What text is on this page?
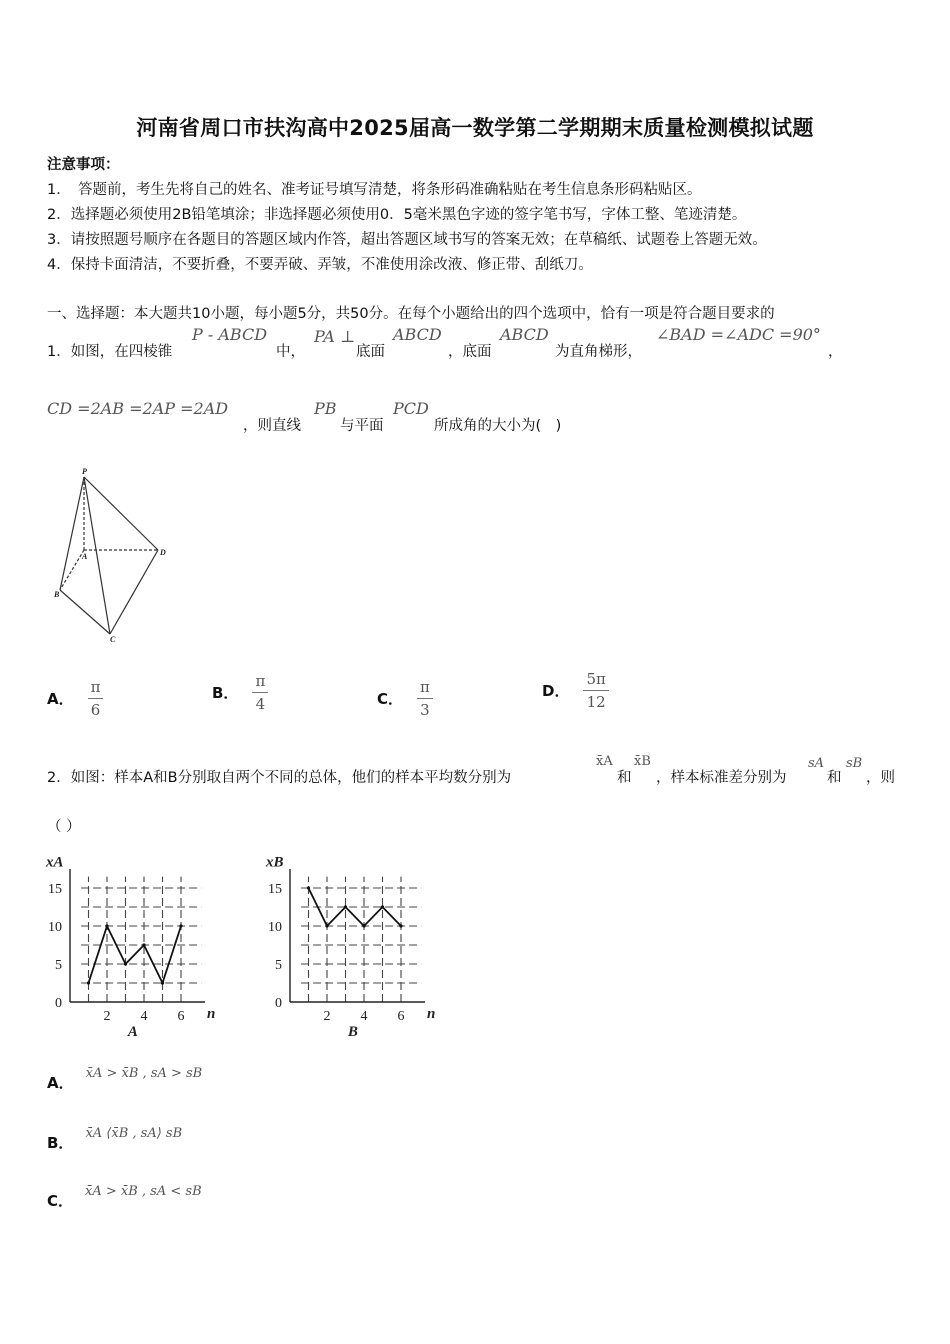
河南省周口市扶沟高中2025届高一数学第二学期期末质量检测模拟试题
注意事项：
1．　答题前，考生先将自己的姓名、准考证号填写清楚，将条形码准确粘贴在考生信息条形码粘贴区。
2．选择题必须使用2B铅笔填涂；非选择题必须使用0．5毫米黑色字迹的签字笔书写，字体工整、笔迹清楚。
3．请按照题号顺序在各题目的答题区域内作答，超出答题区域书写的答案无效；在草稿纸、试题卷上答题无效。
4．保持卡面清洁，不要折叠，不要弄破、弄皱，不准使用涂改液、修正带、刮纸刀。
一、选择题：本大题共10小题，每小题5分，共50分。在每个小题给出的四个选项中，恰有一项是符合题目要求的
1．如图，在四棱锥
P - ABCD
中，
PA ⊥
底面
ABCD
，底面
ABCD
为直角梯形，
∠BAD =∠ADC =90°
，
CD =2AB =2AP =2AD
，则直线
PB
与平面
PCD
所成角的大小为(　)
P
A	D
B
C
A． $\frac{\pi}{6}$	B． $\frac{\pi}{4}$	C． $\frac{\pi}{3}$	D． $\frac{5\pi}{12}$
2．如图：样本A和B分别取自两个不同的总体，他们的样本平均数分别为
x̄A
和
x̄B
，样本标准差分别为
sA
和
sB
，则
（ ）
0
5
10
15
2 4 6
xA
n
A
0
5
10
15
2 4 6
xB
n
B
A．
x̄A > x̄B , sA > sB
B．
x̄A ⟨x̄B , sA⟩ sB
C．
x̄A > x̄B , sA < sB
